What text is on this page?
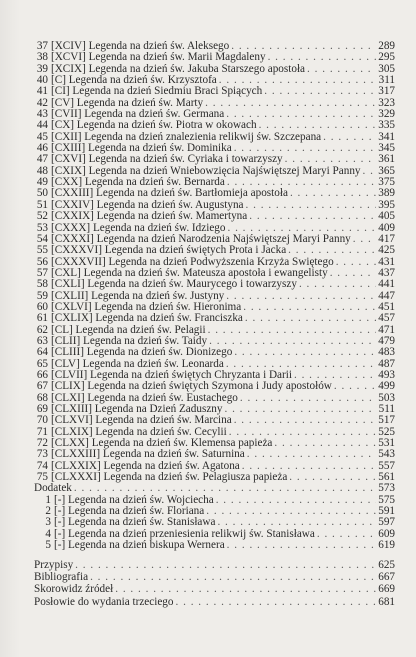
37 [XCIV] Legenda na dzień św. Aleksego . . .	289
38 [XCVI] Legenda na dzień św. Marii Magdaleny . . .	295
39 [XCIX] Legenda na dzień św. Jakuba Starszego apostoła . . .	305
40 [C] Legenda na dzień św. Krzysztofa . . .	311
41 [CI] Legenda na dzień Siedmiu Braci Śpiących . . .	317
42 [CV] Legenda na dzień św. Marty . . .	323
43 [CVII] Legenda na dzień św. Germana . . .	329
44 [CX] Legenda na dzień św. Piotra w okowach . . .	335
45 [CXII] Legenda na dzień znalezienia relikwij św. Szczepana . . .	341
46 [CXIII] Legenda na dzień św. Dominika . . .	345
47 [CXVI] Legenda na dzień św. Cyriaka i towarzyszy . . .	361
48 [CXIX] Legenda na dzień Wniebowzięcia Najświętszej Maryi Panny . . . 365
49 [CXX] Legenda na dzień św. Bernarda . . .	375
50 [CXXIII] Legenda na dzień św. Bartłomieja apostoła . . .	389
51 [CXXIV] Legenda na dzień św. Augustyna . . .	395
52 [CXXIX] Legenda na dzień św. Mamertyna . . .	405
53 [CXXX] Legenda na dzień św. Idziego . . .	409
54 [CXXXI] Legenda na dzień Narodzenia Najświętszej Maryi Panny . . . 417
55 [CXXXVI] Legenda na dzień świętych Prota i Jacka . . .	425
56 [CXXXVII] Legenda na dzień Podwyższenia Krzyża Świętego . . .	431
57 [CXL] Legenda na dzień św. Mateusza apostoła i ewangelisty . . .	437
58 [CXLI] Legenda na dzień św. Maurycego i towarzyszy . . .	441
59 [CXLII] Legenda na dzień św. Justyny . . .	447
60 [CXLVI] Legenda na dzień św. Hieronima . . .	451
61 [CXLIX] Legenda na dzień św. Franciszka . . .	457
62 [CL] Legenda na dzień św. Pelagii . . .	471
63 [CLII] Legenda na dzień św. Taidy . . .	479
64 [CLIII] Legenda na dzień św. Dionizego . . .	483
65 [CLV] Legenda na dzień św. Leonarda . . .	487
66 [CLVII] Legenda na dzień świętych Chryzanta i Darii . . .	493
67 [CLIX] Legenda na dzień świętych Szymona i Judy apostołów . . .	499
68 [CLXI] Legenda na dzień św. Eustachego . . .	503
69 [CLXIII] Legenda na Dzień Zaduszny . . .	511
70 [CLXVI] Legenda na dzień św. Marcina . . .	517
71 [CLXIX] Legenda na dzień św. Cecylii . . .	525
72 [CLXX] Legenda na dzień św. Klemensa papieża . . .	531
73 [CLXXIII] Legenda na dzień św. Saturnina . . .	543
74 [CLXXIX] Legenda na dzień św. Agatona . . .	557
75 [CLXXXI] Legenda na dzień św. Pelagiusza papieża . . .	561
Dodatek . . .	573
1 [-] Legenda na dzień św. Wojciecha . . .	575
2 [-] Legenda na dzień św. Floriana . . .	591
3 [-] Legenda na dzień św. Stanisława . . .	597
4 [-] Legenda na dzień przeniesienia relikwij św. Stanisława . . .	609
5 [-] Legenda na dzień biskupa Wernera . . .	619
Przypisy . . .	625
Bibliografia . . .	667
Skorowidz źródeł . . .	669
Posłowie do wydania trzeciego . . .	681
